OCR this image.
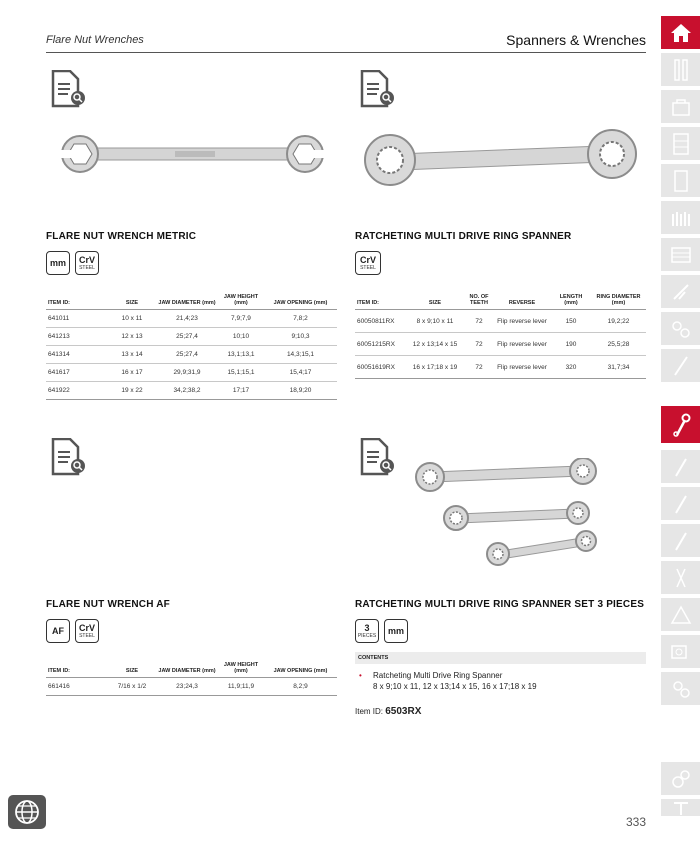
Flare Nut Wrenches	Spanners & Wrenches
FLARE NUT WRENCH METRIC
mm CrV
STEEL
ITEM ID:	SIZE	JAW DIAMETER (mm)	JAW HEIGHT (mm)	JAW OPENING (mm)
641011	10 x 11	21,4;23	7,9;7,9	7,8;2
641213	12 x 13	25;27,4	10;10	9;10,3
641314	13 x 14	25;27,4	13,1;13,1	14,3;15,1
641617	16 x 17	29,9;31,9	15,1;15,1	15,4;17
641922	19 x 22	34,2;38,2	17;17	18,9;20
RATCHETING MULTI DRIVE RING SPANNER
CrV
STEEL
ITEM ID:	SIZE	NO. OF TEETH	REVERSE	LENGTH (mm)	RING DIAMETER (mm)
60050811RX	8 x 9;10 x 11	72	Flip reverse lever	150	19,2;22
60051215RX	12 x 13;14 x 15	72	Flip reverse lever	190	25,5;28
60051619RX	16 x 17;18 x 19	72	Flip reverse lever	320	31,7;34
FLARE NUT WRENCH AF
AF CrV
STEEL
ITEM ID:	SIZE	JAW DIAMETER (mm)	JAW HEIGHT (mm)	JAW OPENING (mm)
661416	7/16 x 1/2	23;24,3	11,9;11,9	8,2;9
RATCHETING MULTI DRIVE RING SPANNER SET 3 PIECES
3
PIECES mm
CONTENTS
•	Ratcheting Multi Drive Ring Spanner
8 x 9;10 x 11, 12 x 13;14 x 15, 16 x 17;18 x 19
Item ID: 6503RX
333
